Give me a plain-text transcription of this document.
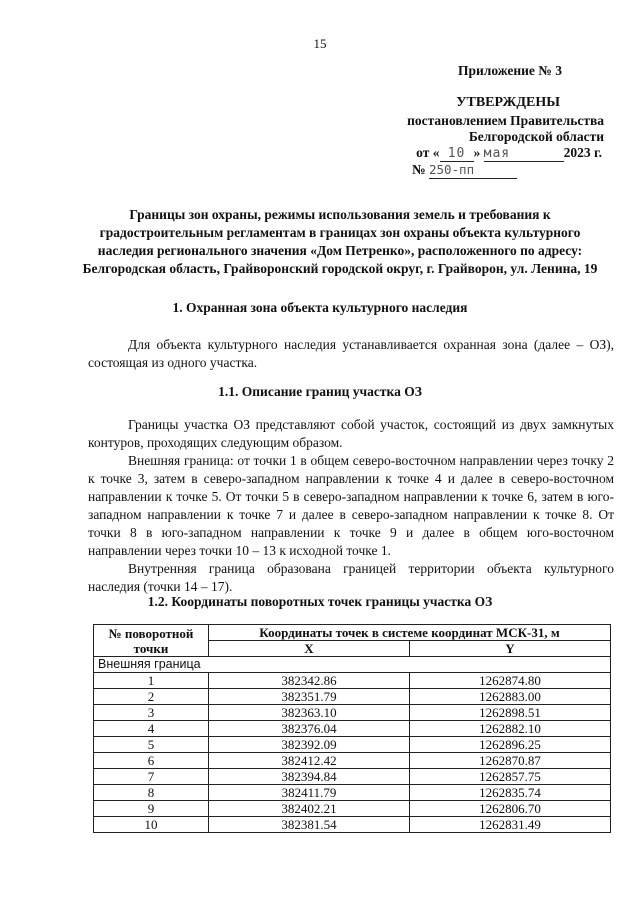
15
Приложение № 3
УТВЕРЖДЕНЫ
постановлением Правительства
Белгородской области
от « 10 » мая	2023 г.
№ 250-пп
Границы зон охраны, режимы использования земель и требования к градостроительным регламентам в границах зон охраны объекта культурного наследия регионального значения «Дом Петренко», расположенного по адресу: Белгородская область, Грайворонский городской округ, г. Грайворон, ул. Ленина, 19
1. Охранная зона объекта культурного наследия

Для объекта культурного наследия устанавливается охранная зона (далее – ОЗ), состоящая из одного участка.

1.1. Описание границ участка ОЗ

Границы участка ОЗ представляют собой участок, состоящий из двух замкнутых контуров, проходящих следующим образом.

Внешняя граница: от точки 1 в общем северо-восточном направлении через точку 2 к точке 3, затем в северо-западном направлении к точке 4 и далее в северо-восточном направлении к точке 5. От точки 5 в северо-западном направлении к точке 6, затем в юго-западном направлении к точке 7 и далее в северо-западном направлении к точке 8. От точки 8 в юго-западном направлении к точке 9 и далее в общем юго-восточном направлении через точки 10 – 13 к исходной точке 1.

Внутренняя граница образована границей территории объекта культурного наследия (точки 14 – 17).

1.2. Координаты поворотных точек границы участка ОЗ
№ поворотной точки	Координаты точек в системе координат МСК-31, м	
	X	Y
Внешняя граница		
1	382342.86	1262874.80
2	382351.79	1262883.00
3	382363.10	1262898.51
4	382376.04	1262882.10
5	382392.09	1262896.25
6	382412.42	1262870.87
7	382394.84	1262857.75
8	382411.79	1262835.74
9	382402.21	1262806.70
10	382381.54	1262831.49
